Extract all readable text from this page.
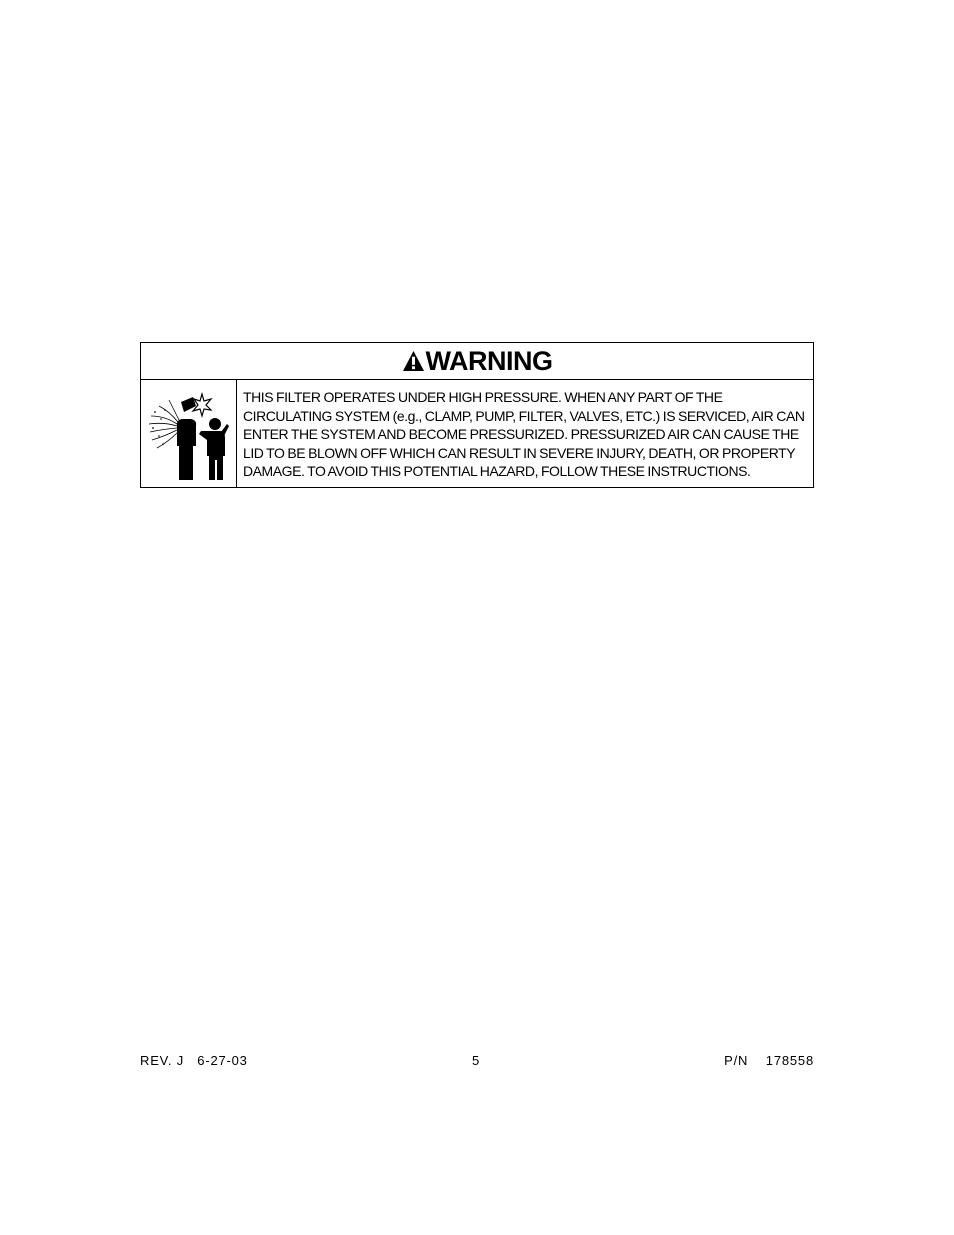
WARNING

THIS FILTER OPERATES UNDER HIGH PRESSURE. WHEN ANY PART OF THE CIRCULATING SYSTEM (e.g., CLAMP, PUMP, FILTER, VALVES, ETC.) IS SERVICED, AIR CAN ENTER THE SYSTEM AND BECOME PRESSURIZED. PRESSURIZED AIR CAN CAUSE THE LID TO BE BLOWN OFF WHICH CAN RESULT IN SEVERE INJURY, DEATH, OR PROPERTY DAMAGE. TO AVOID THIS POTENTIAL HAZARD, FOLLOW THESE INSTRUCTIONS.

REV. J   6-27-03	5	P/N    178558
